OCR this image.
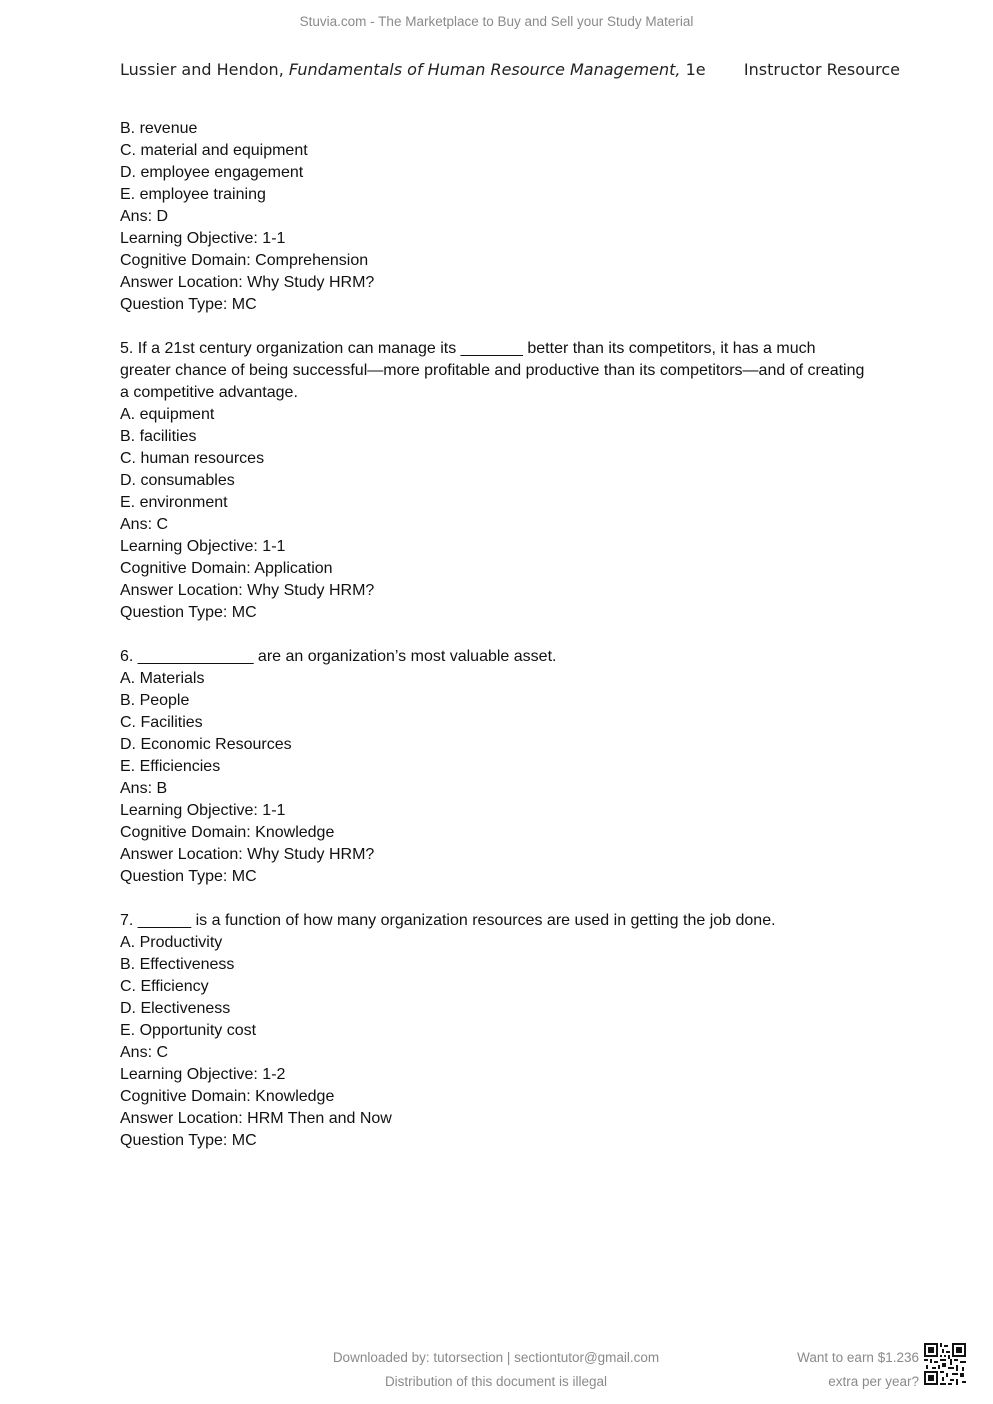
Stuvia.com - The Marketplace to Buy and Sell your Study Material
Lussier and Hendon, Fundamentals of Human Resource Management, 1e Instructor Resource
B. revenue
C. material and equipment
D. employee engagement
E. employee training
Ans: D
Learning Objective: 1-1
Cognitive Domain: Comprehension
Answer Location: Why Study HRM?
Question Type: MC
5. If a 21st century organization can manage its _______ better than its competitors, it has a much
greater chance of being successful—more profitable and productive than its competitors—and of creating
a competitive advantage.
A. equipment
B. facilities
C. human resources
D. consumables
E. environment
Ans: C
Learning Objective: 1-1
Cognitive Domain: Application
Answer Location: Why Study HRM?
Question Type: MC
6. _____________ are an organization’s most valuable asset.
A. Materials
B. People
C. Facilities
D. Economic Resources
E. Efficiencies
Ans: B
Learning Objective: 1-1
Cognitive Domain: Knowledge
Answer Location: Why Study HRM?
Question Type: MC
7. ______ is a function of how many organization resources are used in getting the job done.
A. Productivity
B. Effectiveness
C. Efficiency
D. Electiveness
E. Opportunity cost
Ans: C
Learning Objective: 1-2
Cognitive Domain: Knowledge
Answer Location: HRM Then and Now
Question Type: MC
Downloaded by: tutorsection | sectiontutor@gmail.com
Distribution of this document is illegal
Want to earn $1.236
extra per year?
